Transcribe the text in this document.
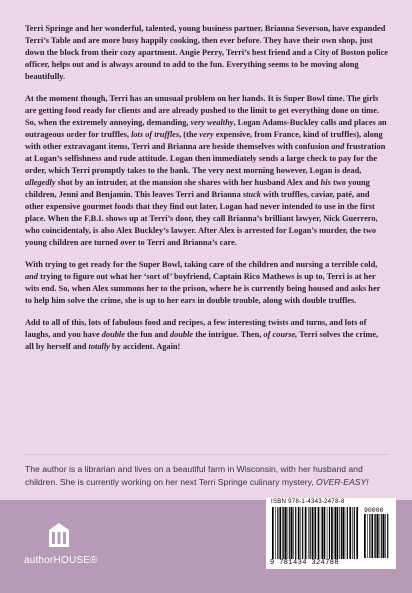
Terri Springe and her wonderful, talented, young business partner, Brianna Severson, have expanded Terri’s Table and are more busy happily cooking, then ever before. They have their own shop, just down the block from their cozy apartment. Angie Perry, Terri’s best friend and a City of Boston police officer, helps out and is always around to add to the fun. Everything seems to be moving along beautifully.

At the moment though, Terri has an unusual problem on her hands. It is Super Bowl time. The girls are getting food ready for clients and are already pushed to the limit to get everything done on time. So, when the extremely annoying, demanding, very wealthy, Logan Adams-Buckley calls and places an outrageous order for truffles, lots of truffles, (the very expensive, from France, kind of truffles), along with other extravagant items, Terri and Brianna are beside themselves with confusion and frustration at Logan’s selfishness and rude attitude. Logan then immediately sends a large check to pay for the order, which Terri promptly takes to the bank. The very next morning however, Logan is dead, allegedly shot by an intruder, at the mansion she shares with her husband Alex and his two young children, Jenni and Benjamin. This leaves Terri and Brianna stuck with truffles, caviar, paté, and other expensive gourmet foods that they find out later, Logan had never intended to use in the first place. When the F.B.I. shows up at Terri’s door, they call Brianna’s brilliant lawyer, Nick Guerrero, who coincidentaly, is also Alex Buckley’s lawyer. After Alex is arrested for Logan’s murder, the two young children are turned over to Terri and Brianna’s care.

With trying to get ready for the Super Bowl, taking care of the children and nursing a terrible cold, and trying to figure out what her ‘sort of’ boyfriend, Captain Rico Mathews is up to, Terri is at her wits end. So, when Alex summons her to the prison, where he is currently being housed and asks her to help him solve the crime, she is up to her ears in double trouble, along with double truffles.

Add to all of this, lots of fabulous food and recipes, a few interesting twists and turns, and lots of laughs, and you have double the fun and double the intrigue. Then, of course, Terri solves the crime, all by herself and totally by accident. Again!

The author is a librarian and lives on a beautiful farm in Wisconsin, with her husband and children. She is currently working on her next Terri Springe culinary mystery, OVER-EASY!
authorHOUSE®
ISBN 978-1-4343-2478-8
90000
9 781434 324788
